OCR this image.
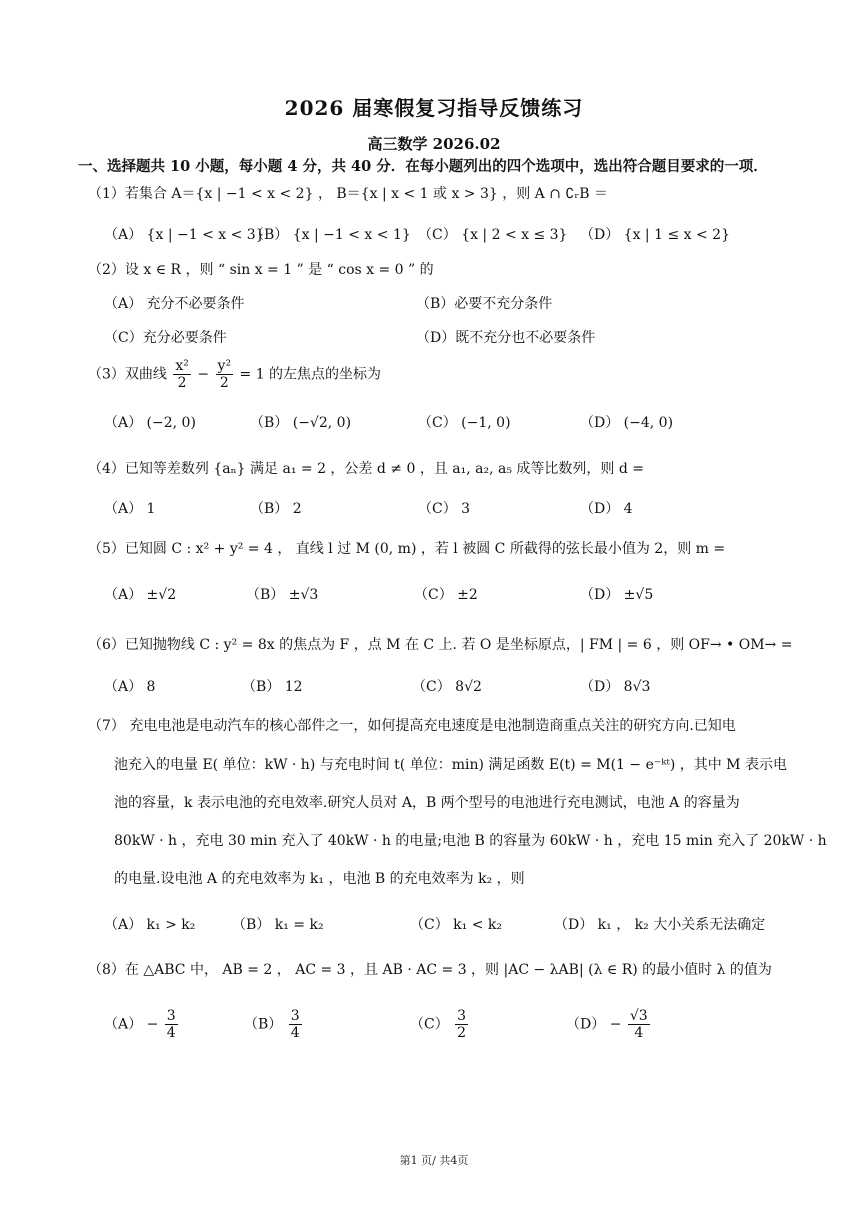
2026 届寒假复习指导反馈练习
高三数学 2026.02
一、选择题共 10 小题，每小题 4 分，共 40 分．在每小题列出的四个选项中，选出符合题目要求的一项．
（1）若集合 A＝{x | −1 < x < 2} ， B＝{x | x < 1 或 x > 3} ，则 A ∩ ∁ᵣB ＝
（A） {x | −1 < x < 3}
（B） {x | −1 < x < 1} （C） {x | 2 < x ≤ 3} （D） {x | 1 ≤ x < 2}
（2）设 x ∈ R ，则 “ sin x = 1 ” 是 “ cos x = 0 ” 的
（A） 充分不必要条件	（B）必要不充分条件
（C）充分必要条件	（D）既不充分也不必要条件
（3）双曲线 $\frac{\text{x²}}{2} - \frac{\text{y²}}{2} = 1$ 的左焦点的坐标为
（A） (−2, 0)	（B） (−√2, 0)	（C） (−1, 0)	（D） (−4, 0)
（4）已知等差数列 {aₙ} 满足 a₁ = 2 ，公差 d ≠ 0 ，且 a₁, a₂, a₅ 成等比数列，则 d =
（A） 1	（B） 2	（C） 3	（D） 4
（5）已知圆 C : x² + y² = 4 ， 直线 l 过 M (0, m) ，若 l 被圆 C 所截得的弦长最小值为 2，则 m =
（A） ±√2	（B） ±√3	（C） ±2	（D） ±√5
（6）已知抛物线 C : y² = 8x 的焦点为 F ，点 M 在 C 上. 若 O 是坐标原点，| FM | = 6 ，则 OF→ • OM→ =
（A） 8	（B） 12	（C） 8√2	（D） 8√3
（7） 充电电池是电动汽车的核心部件之一，如何提高充电速度是电池制造商重点关注的研究方向.已知电
池充入的电量 E( 单位：kW · h) 与充电时间 t( 单位：min) 满足函数 E(t) = M(1 − e⁻ᵏᵗ) ，其中 M 表示电
池的容量，k 表示电池的充电效率.研究人员对 A，B 两个型号的电池进行充电测试，电池 A 的容量为
80kW · h ，充电 30 min 充入了 40kW · h 的电量;电池 B 的容量为 60kW · h ，充电 15 min 充入了 20kW · h
的电量.设电池 A 的充电效率为 k₁ ，电池 B 的充电效率为 k₂ ，则
（A） k₁ > k₂	（B） k₁ = k₂	（C） k₁ < k₂	（D） k₁ ， k₂ 大小关系无法确定
（8）在 △ABC 中， AB = 2 ， AC = 3 ，且 AB · AC = 3 ，则 |AC − λAB| (λ ∈ R) 的最小值时 λ 的值为
$(A) - \frac{3}{4}$	$(B) \frac{3}{4}$	$(C) \frac{3}{2}$	$(D) - \frac{√3}{4}$
第1 页/ 共4页
